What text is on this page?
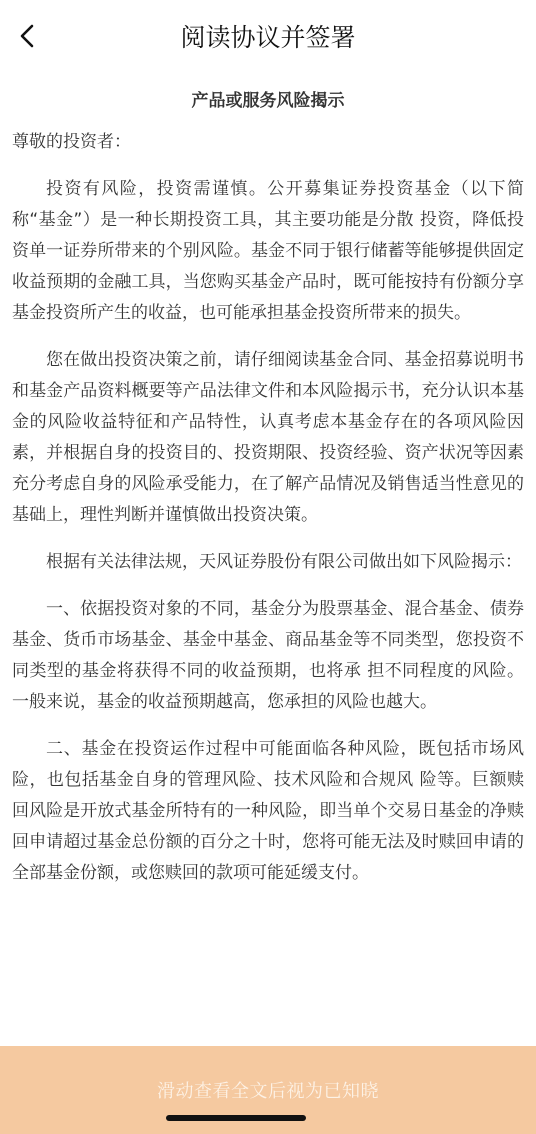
阅读协议并签署
产品或服务风险揭示

尊敬的投资者：

投资有风险，投资需谨慎。公开募集证券投资基金（以下简称“基金”）是一种长期投资工具，其主要功能是分散 投资，降低投资单一证券所带来的个别风险。基金不同于银行储蓄等能够提供固定收益预期的金融工具，当您购买基金产品时，既可能按持有份额分享基金投资所产生的收益，也可能承担基金投资所带来的损失。

您在做出投资决策之前，请仔细阅读基金合同、基金招募说明书和基金产品资料概要等产品法律文件和本风险揭示书，充分认识本基金的风险收益特征和产品特性，认真考虑本基金存在的各项风险因素，并根据自身的投资目的、投资期限、投资经验、资产状况等因素充分考虑自身的风险承受能力，在了解产品情况及销售适当性意见的基础上，理性判断并谨慎做出投资决策。

根据有关法律法规，天风证券股份有限公司做出如下风险揭示：

一、依据投资对象的不同，基金分为股票基金、混合基金、债券基金、货币市场基金、基金中基金、商品基金等不同类型，您投资不同类型的基金将获得不同的收益预期，也将承 担不同程度的风险。一般来说，基金的收益预期越高，您承担的风险也越大。

二、基金在投资运作过程中可能面临各种风险，既包括市场风险，也包括基金自身的管理风险、技术风险和合规风 险等。巨额赎回风险是开放式基金所特有的一种风险，即当单个交易日基金的净赎回申请超过基金总份额的百分之十时，您将可能无法及时赎回申请的全部基金份额，或您赎回的款项可能延缓支付。

滑动查看全文后视为已知晓
